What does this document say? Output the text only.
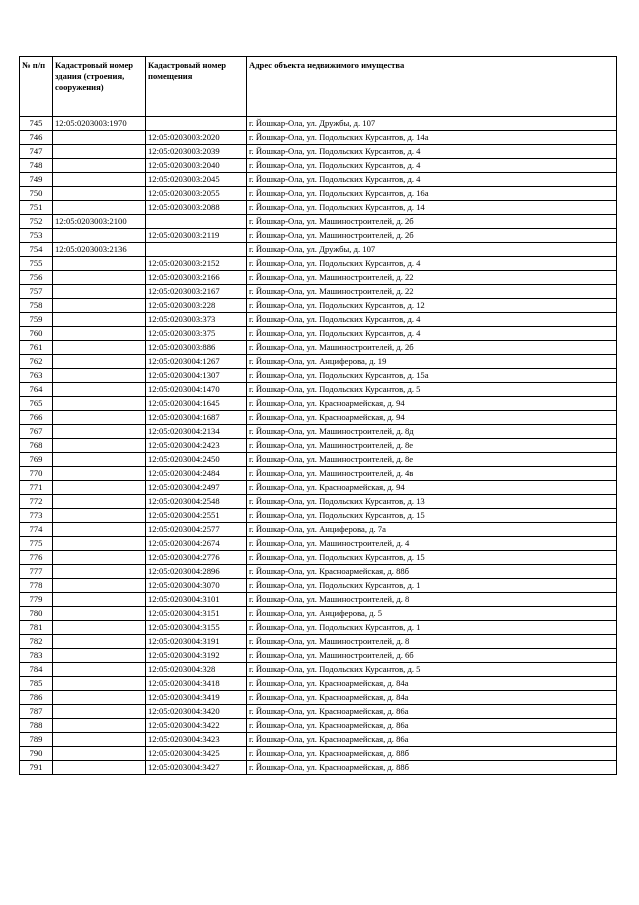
№ п/п	Кадастровый номер здания (строения, сооружения)	Кадастровый номер помещения	Адрес объекта недвижимого имущества
745	12:05:0203003:1970		г. Йошкар-Ола, ул. Дружбы, д. 107
746		12:05:0203003:2020	г. Йошкар-Ола, ул. Подольских Курсантов, д. 14а
747		12:05:0203003:2039	г. Йошкар-Ола, ул. Подольских Курсантов, д. 4
748		12:05:0203003:2040	г. Йошкар-Ола, ул. Подольских Курсантов, д. 4
749		12:05:0203003:2045	г. Йошкар-Ола, ул. Подольских Курсантов, д. 4
750		12:05:0203003:2055	г. Йошкар-Ола, ул. Подольских Курсантов, д. 16а
751		12:05:0203003:2088	г. Йошкар-Ола, ул. Подольских Курсантов, д. 14
752	12:05:0203003:2100		г. Йошкар-Ола, ул. Машиностроителей, д. 2б
753		12:05:0203003:2119	г. Йошкар-Ола, ул. Машиностроителей, д. 2б
754	12:05:0203003:2136		г. Йошкар-Ола, ул. Дружбы, д. 107
755		12:05:0203003:2152	г. Йошкар-Ола, ул. Подольских Курсантов, д. 4
756		12:05:0203003:2166	г. Йошкар-Ола, ул. Машиностроителей, д. 22
757		12:05:0203003:2167	г. Йошкар-Ола, ул. Машиностроителей, д. 22
758		12:05:0203003:228	г. Йошкар-Ола, ул. Подольских Курсантов, д. 12
759		12:05:0203003:373	г. Йошкар-Ола, ул. Подольских Курсантов, д. 4
760		12:05:0203003:375	г. Йошкар-Ола, ул. Подольских Курсантов, д. 4
761		12:05:0203003:886	г. Йошкар-Ола, ул. Машиностроителей, д. 2б
762		12:05:0203004:1267	г. Йошкар-Ола, ул. Анциферова, д. 19
763		12:05:0203004:1307	г. Йошкар-Ола, ул. Подольских Курсантов, д. 15а
764		12:05:0203004:1470	г. Йошкар-Ола, ул. Подольских Курсантов, д. 5
765		12:05:0203004:1645	г. Йошкар-Ола, ул. Красноармейская, д. 94
766		12:05:0203004:1687	г. Йошкар-Ола, ул. Красноармейская, д. 94
767		12:05:0203004:2134	г. Йошкар-Ола, ул. Машиностроителей, д. 8д
768		12:05:0203004:2423	г. Йошкар-Ола, ул. Машиностроителей, д. 8е
769		12:05:0203004:2450	г. Йошкар-Ола, ул. Машиностроителей, д. 8е
770		12:05:0203004:2484	г. Йошкар-Ола, ул. Машиностроителей, д. 4в
771		12:05:0203004:2497	г. Йошкар-Ола, ул. Красноармейская, д. 94
772		12:05:0203004:2548	г. Йошкар-Ола, ул. Подольских Курсантов, д. 13
773		12:05:0203004:2551	г. Йошкар-Ола, ул. Подольских Курсантов, д. 15
774		12:05:0203004:2577	г. Йошкар-Ола, ул. Анциферова, д. 7а
775		12:05:0203004:2674	г. Йошкар-Ола, ул. Машиностроителей, д. 4
776		12:05:0203004:2776	г. Йошкар-Ола, ул. Подольских Курсантов, д. 15
777		12:05:0203004:2896	г. Йошкар-Ола, ул. Красноармейская, д. 88б
778		12:05:0203004:3070	г. Йошкар-Ола, ул. Подольских Курсантов, д. 1
779		12:05:0203004:3101	г. Йошкар-Ола, ул. Машиностроителей, д. 8
780		12:05:0203004:3151	г. Йошкар-Ола, ул. Анциферова, д. 5
781		12:05:0203004:3155	г. Йошкар-Ола, ул. Подольских Курсантов, д. 1
782		12:05:0203004:3191	г. Йошкар-Ола, ул. Машиностроителей, д. 8
783		12:05:0203004:3192	г. Йошкар-Ола, ул. Машиностроителей, д. 6б
784		12:05:0203004:328	г. Йошкар-Ола, ул. Подольских Курсантов, д. 5
785		12:05:0203004:3418	г. Йошкар-Ола, ул. Красноармейская, д. 84а
786		12:05:0203004:3419	г. Йошкар-Ола, ул. Красноармейская, д. 84а
787		12:05:0203004:3420	г. Йошкар-Ола, ул. Красноармейская, д. 86а
788		12:05:0203004:3422	г. Йошкар-Ола, ул. Красноармейская, д. 86а
789		12:05:0203004:3423	г. Йошкар-Ола, ул. Красноармейская, д. 86а
790		12:05:0203004:3425	г. Йошкар-Ола, ул. Красноармейская, д. 88б
791		12:05:0203004:3427	г. Йошкар-Ола, ул. Красноармейская, д. 88б
